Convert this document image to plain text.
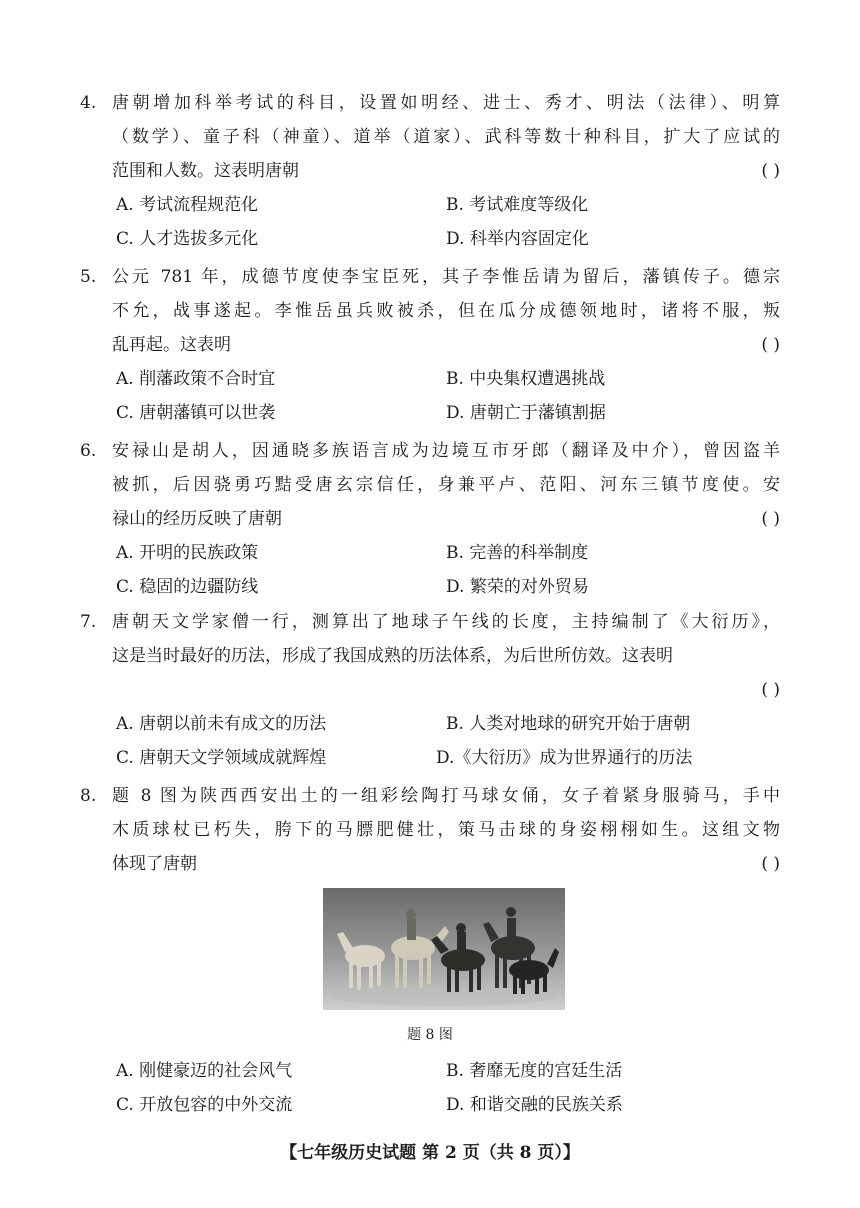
4. 唐朝增加科举考试的科目，设置如明经、进士、秀才、明法（法律）、明算
（数学）、童子科（神童）、道举（道家）、武科等数十种科目，扩大了应试的
范围和人数。这表明唐朝	( )
A. 考试流程规范化	B. 考试难度等级化
C. 人才选拔多元化	D. 科举内容固定化
5. 公元 781 年，成德节度使李宝臣死，其子李惟岳请为留后，藩镇传子。德宗
不允，战事遂起。李惟岳虽兵败被杀，但在瓜分成德领地时，诸将不服，叛
乱再起。这表明	( )
A. 削藩政策不合时宜	B. 中央集权遭遇挑战
C. 唐朝藩镇可以世袭	D. 唐朝亡于藩镇割据
6. 安禄山是胡人，因通晓多族语言成为边境互市牙郎（翻译及中介），曾因盗羊
被抓，后因骁勇巧黠受唐玄宗信任，身兼平卢、范阳、河东三镇节度使。安
禄山的经历反映了唐朝	( )
A. 开明的民族政策	B. 完善的科举制度
C. 稳固的边疆防线	D. 繁荣的对外贸易
7. 唐朝天文学家僧一行，测算出了地球子午线的长度，主持编制了《大衍历》，
这是当时最好的历法，形成了我国成熟的历法体系，为后世所仿效。这表明
( )
A. 唐朝以前未有成文的历法	B. 人类对地球的研究开始于唐朝
C. 唐朝天文学领域成就辉煌	D.《大衍历》成为世界通行的历法
8. 题 8 图为陕西西安出土的一组彩绘陶打马球女俑，女子着紧身服骑马，手中
木质球杖已朽失，胯下的马膘肥健壮，策马击球的身姿栩栩如生。这组文物
体现了唐朝	( )
题 8 图
A. 刚健豪迈的社会风气	B. 奢靡无度的宫廷生活
C. 开放包容的中外交流	D. 和谐交融的民族关系
【七年级历史试题 第 2 页（共 8 页）】
